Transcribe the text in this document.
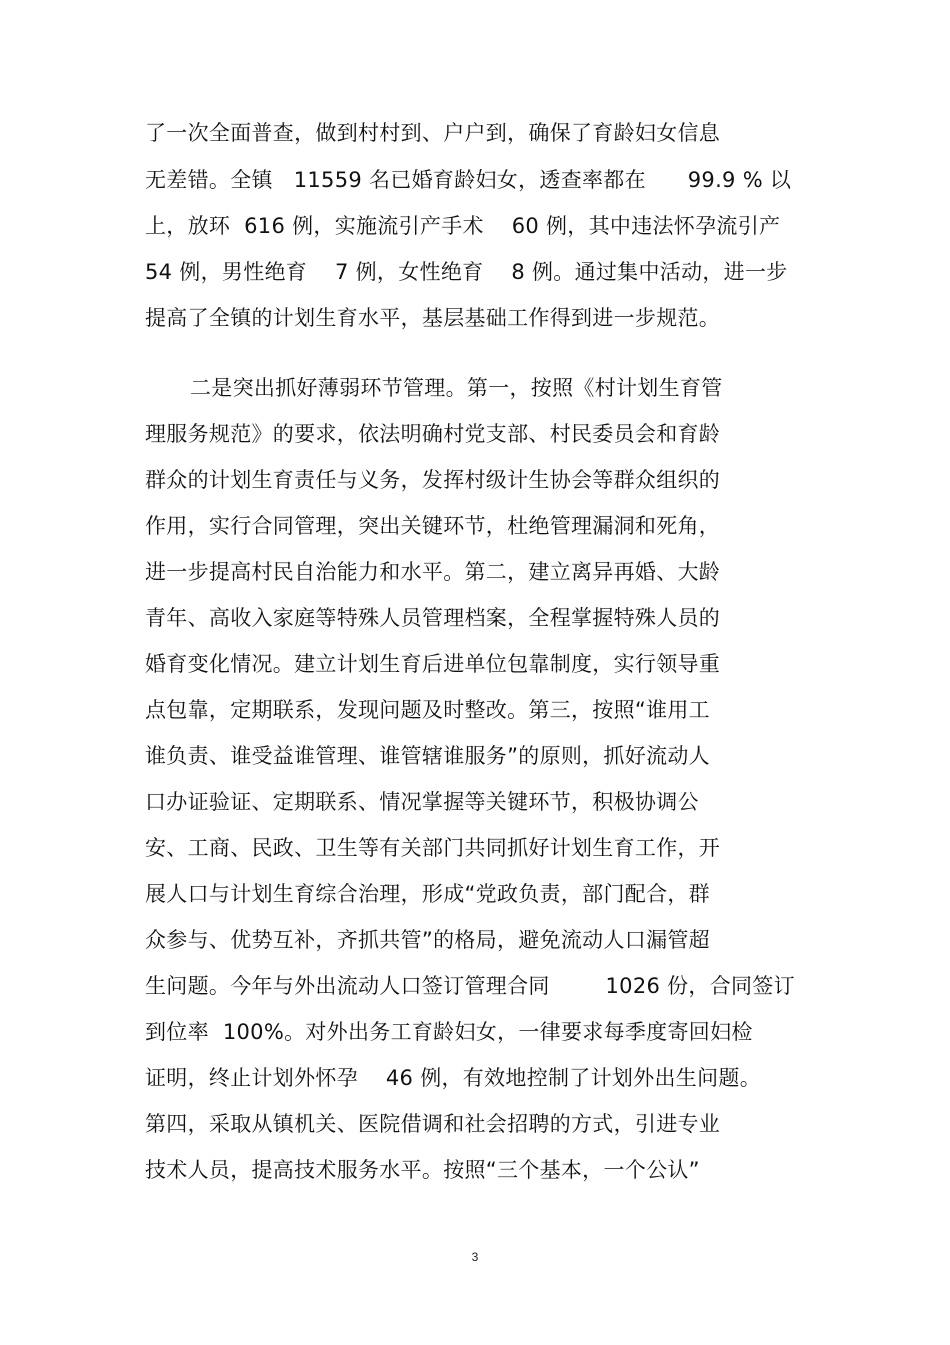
了一次全面普查，做到村村到、户户到，确保了育龄妇女信息
无差错。全镇   11559 名已婚育龄妇女，透查率都在      99.9 % 以
上，放环  616 例，实施流引产手术    60 例，其中违法怀孕流引产
54 例，男性绝育    7 例，女性绝育    8 例。通过集中活动，进一步
提高了全镇的计划生育水平，基层基础工作得到进一步规范。
二是突出抓好薄弱环节管理。第一，按照《村计划生育管
理服务规范》的要求，依法明确村党支部、村民委员会和育龄
群众的计划生育责任与义务，发挥村级计生协会等群众组织的
作用，实行合同管理，突出关键环节，杜绝管理漏洞和死角，
进一步提高村民自治能力和水平。第二，建立离异再婚、大龄
青年、高收入家庭等特殊人员管理档案，全程掌握特殊人员的
婚育变化情况。建立计划生育后进单位包靠制度，实行领导重
点包靠，定期联系，发现问题及时整改。第三，按照“谁用工
谁负责、谁受益谁管理、谁管辖谁服务”的原则，抓好流动人
口办证验证、定期联系、情况掌握等关键环节，积极协调公
安、工商、民政、卫生等有关部门共同抓好计划生育工作，开
展人口与计划生育综合治理，形成“党政负责，部门配合，群
众参与、优势互补，齐抓共管”的格局，避免流动人口漏管超
生问题。今年与外出流动人口签订管理合同        1026 份，合同签订
到位率  100%。对外出务工育龄妇女，一律要求每季度寄回妇检
证明，终止计划外怀孕    46 例，有效地控制了计划外出生问题。
第四，采取从镇机关、医院借调和社会招聘的方式，引进专业
技术人员，提高技术服务水平。按照“三个基本，一个公认”
3
